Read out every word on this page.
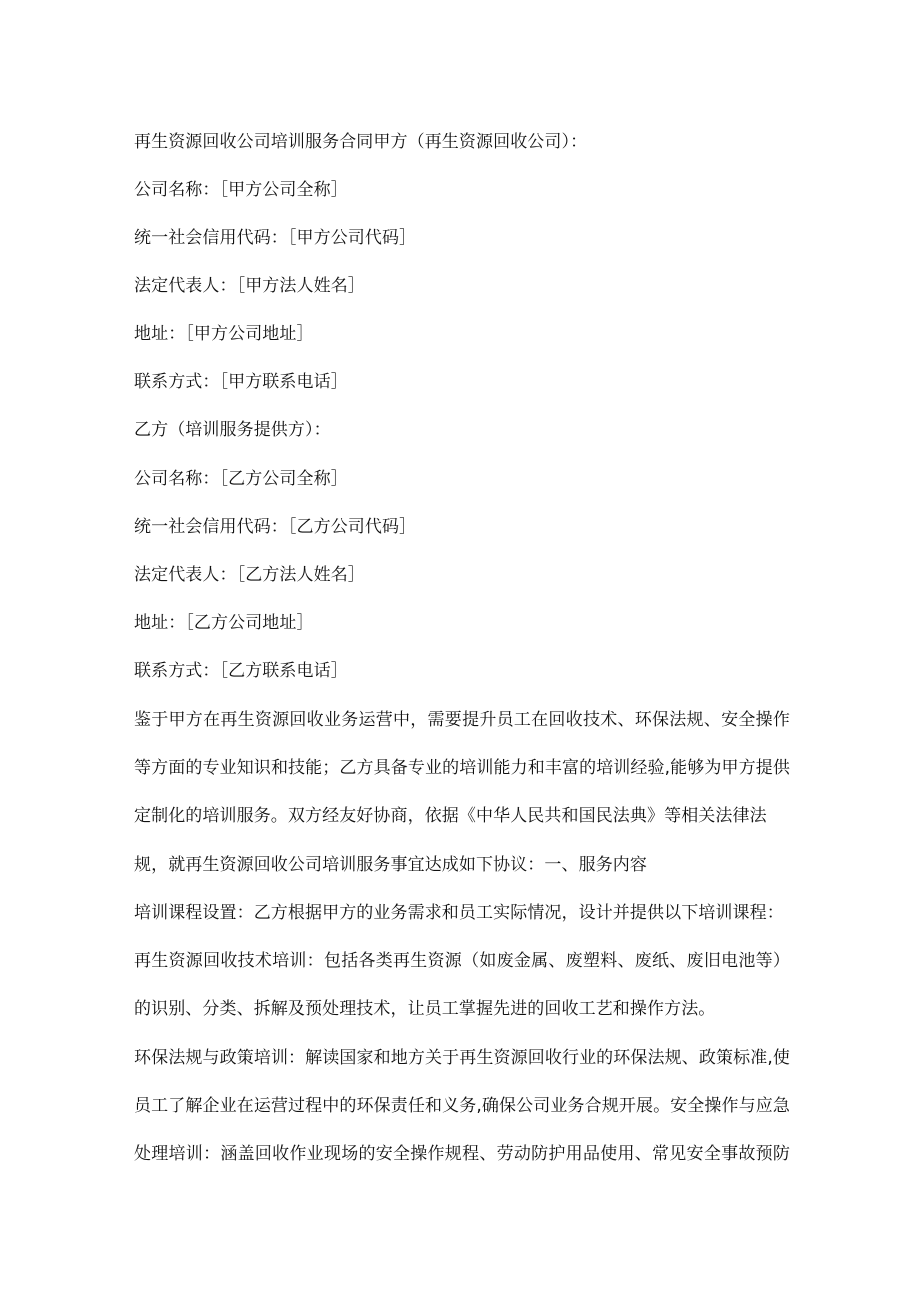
再生资源回收公司培训服务合同甲方（再生资源回收公司）：
公司名称：［甲方公司全称］
统一社会信用代码：［甲方公司代码］
法定代表人：［甲方法人姓名］
地址：［甲方公司地址］
联系方式：［甲方联系电话］
乙方（培训服务提供方）：
公司名称：［乙方公司全称］
统一社会信用代码：［乙方公司代码］
法定代表人：［乙方法人姓名］
地址：［乙方公司地址］
联系方式：［乙方联系电话］
鉴于甲方在再生资源回收业务运营中，需要提升员工在回收技术、环保法规、安全操作
等方面的专业知识和技能；乙方具备专业的培训能力和丰富的培训经验,能够为甲方提供
定制化的培训服务。双方经友好协商，依据《中华人民共和国民法典》等相关法律法
规，就再生资源回收公司培训服务事宜达成如下协议：一、服务内容
培训课程设置：乙方根据甲方的业务需求和员工实际情况，设计并提供以下培训课程：
再生资源回收技术培训：包括各类再生资源（如废金属、废塑料、废纸、废旧电池等）
的识别、分类、拆解及预处理技术，让员工掌握先进的回收工艺和操作方法。
环保法规与政策培训：解读国家和地方关于再生资源回收行业的环保法规、政策标准,使
员工了解企业在运营过程中的环保责任和义务,确保公司业务合规开展。安全操作与应急
处理培训：涵盖回收作业现场的安全操作规程、劳动防护用品使用、常见安全事故预防
